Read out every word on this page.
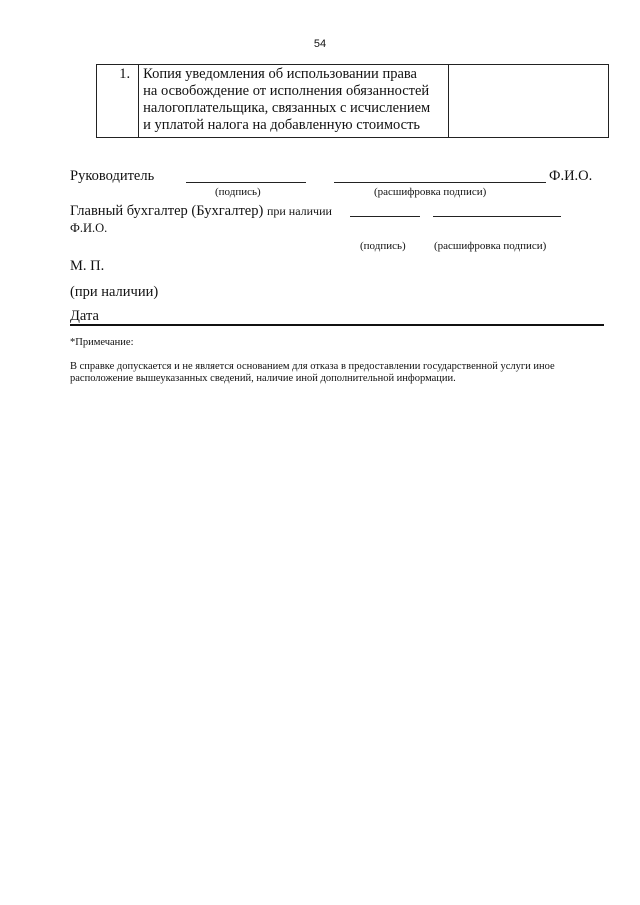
54
1.	Копия уведомления об использовании права
на освобождение от исполнения обязанностей
налогоплательщика, связанных с исчислением
и уплатой налога на добавленную стоимость

Руководитель	Ф.И.О.
(подпись)	(расшифровка подписи)
Главный бухгалтер (Бухгалтер) при наличии
Ф.И.О.
(подпись)	(расшифровка подписи)
М. П.
(при наличии)
Дата
*Примечание:
В справке допускается и не является основанием для отказа в предоставлении государственной услуги иное расположение вышеуказанных сведений, наличие иной дополнительной информации.
